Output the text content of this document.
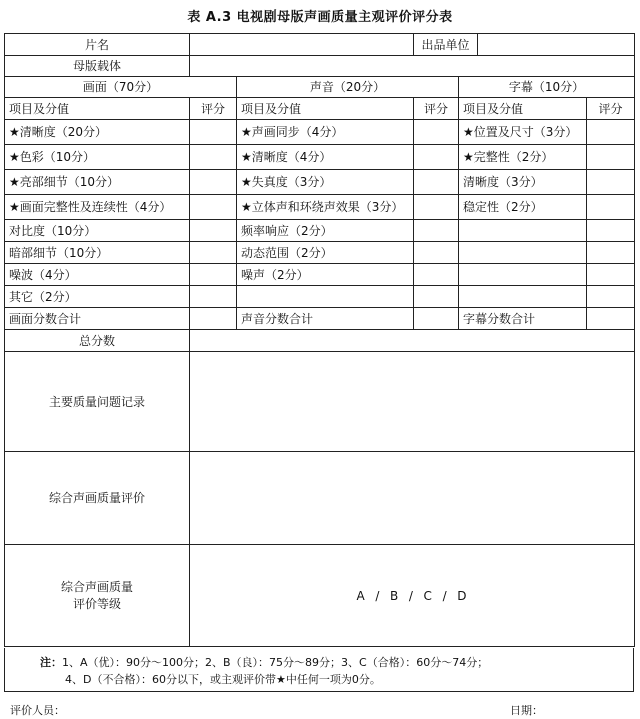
表 A.3 电视剧母版声画质量主观评价评分表
片名			出品单位			
母版载体						
画面（70分）		声音（20分）		字幕（10分）		
项目及分值	评分	项目及分值	评分	项目及分值		评分
★清晰度（20分）		★声画同步（4分）		★位置及尺寸（3分）		
★色彩（10分）		★清晰度（4分）		★完整性（2分）		
★亮部细节（10分）		★失真度（3分）		清晰度（3分）		
★画面完整性及连续性（4分）		★立体声和环绕声效果（3分）		稳定性（2分）		
对比度（10分）		频率响应（2分）				
暗部细节（10分）		动态范围（2分）				
噪波（4分）		噪声（2分）				
其它（2分）						
画面分数合计		声音分数合计		字幕分数合计		
总分数						
主要质量问题记录						
综合声画质量评价						
综合声画质量
评价等级	A  /  B  /  C  /  D					
注：1、A（优）：90分～100分；2、B（良）：75分～89分；3、C（合格）：60分～74分；
4、D（不合格）：60分以下，或主观评价带★中任何一项为0分。
评价人员：	日期：
